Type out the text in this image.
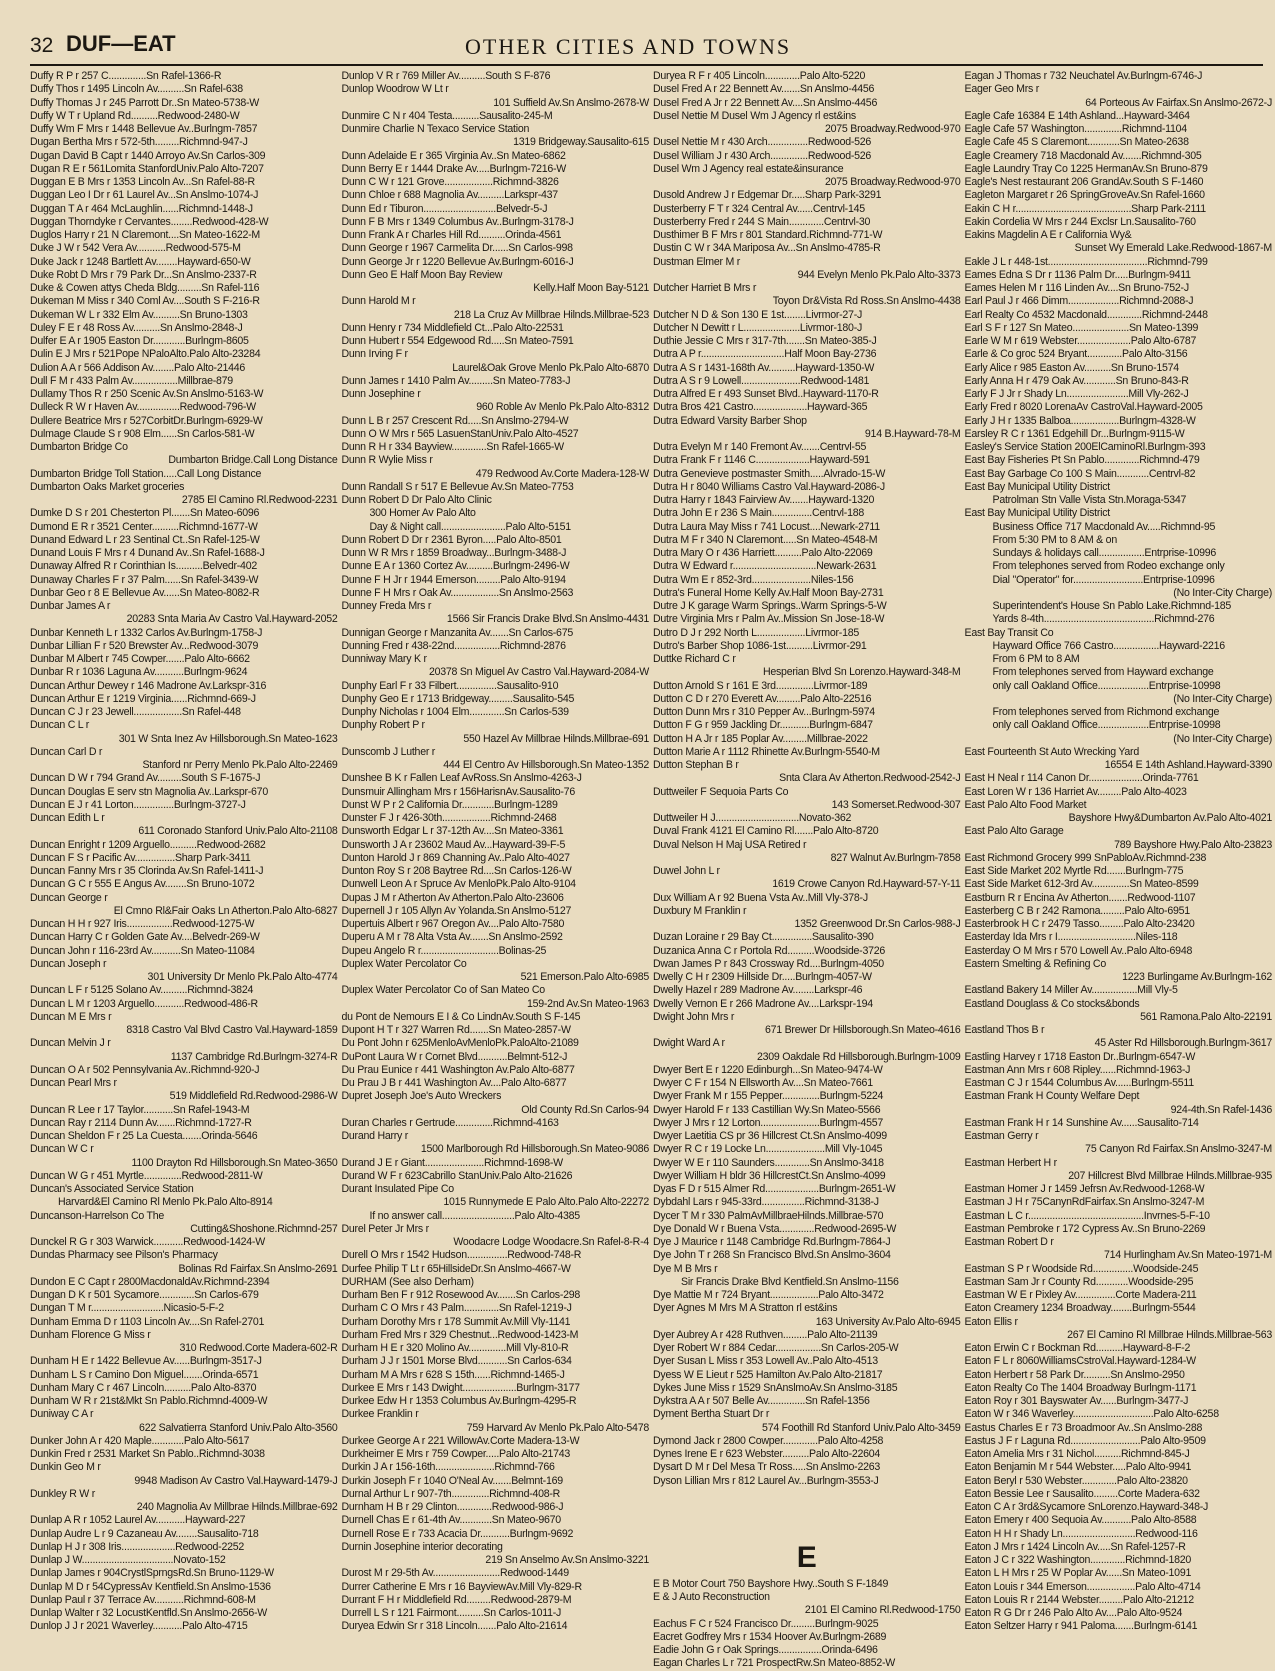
32 DUF—EAT	OTHER CITIES AND TOWNS
Duffy R P r 257 C..............Sn Rafel-1366-R
Duffy Thos r 1495 Lincoln Av..........Sn Rafel-638
Duffy Thomas J r 245 Parrott Dr..Sn Mateo-5738-W
Duffy W T r Upland Rd..........Redwood-2480-W
Duffy Wm F Mrs r 1448 Bellevue Av..Burlngm-7857
Dugan Bertha Mrs r 572-5th.........Richmnd-947-J
Dugan David B Capt r 1440 Arroyo Av.Sn Carlos-309
Dugan R E r 561Lomita StanfordUniv.Palo Alto-7207
Duggan E B Mrs r 1353 Lincoln Av...Sn Rafel-88-R
Duggan Leo I Dr r 61 Laurel Av...Sn Anslmo-1074-J
Duggan T A r 464 McLaughlin......Richmnd-1448-J
Duggan Thorndyke r Cervantes........Redwood-428-W
Duglos Harry r 21 N Claremont....Sn Mateo-1622-M
Duke J W r 542 Vera Av...........Redwood-575-M
Duke Jack r 1248 Bartlett Av........Hayward-650-W
Duke Robt D Mrs r 79 Park Dr...Sn Anslmo-2337-R
Duke & Cowen attys Cheda Bldg.........Sn Rafel-116
Dukeman M Miss r 340 Coml Av....South S F-216-R
Dukeman W L r 332 Elm Av..........Sn Bruno-1303
Duley F E r 48 Ross Av..........Sn Anslmo-2848-J
Dulfer E A r 1905 Easton Dr............Burlngm-8605
Dulin E J Mrs r 521Pope NPaloAlto.Palo Alto-23284
Dulion A A r 566 Addison Av........Palo Alto-21446
Dull F M r 433 Palm Av.................Millbrae-879
Dullamy Thos R r 250 Scenic Av.Sn Anslmo-5163-W
Dulleck R W r Haven Av................Redwood-796-W
Dullere Beatrice Mrs r 527CorbitDr.Burlngm-6929-W
Dulmage Claude S r 908 Elm......Sn Carlos-581-W
Dumbarton Bridge Co
Dumbarton Bridge.Call Long Distance
Dumbarton Bridge Toll Station.....Call Long Distance
Dumbarton Oaks Market groceries
2785 El Camino Rl.Redwood-2231
Dumke D S r 201 Chesterton Pl.......Sn Mateo-6096
Dumond E R r 3521 Center..........Richmnd-1677-W
Dunand Edward L r 23 Sentinal Ct..Sn Rafel-125-W
Dunand Louis F Mrs r 4 Dunand Av..Sn Rafel-1688-J
Dunaway Alfred R r Corinthian Is..........Belvedr-402
Dunaway Charles F r 37 Palm......Sn Rafel-3439-W
Dunbar Geo r 8 E Bellevue Av......Sn Mateo-8082-R
Dunbar James A r
20283 Snta Maria Av Castro Val.Hayward-2052
Dunbar Kenneth L r 1332 Carlos Av.Burlngm-1758-J
Dunbar Lillian F r 520 Brewster Av...Redwood-3079
Dunbar M Albert r 745 Cowper.......Palo Alto-6662
Dunbar R r 1036 Laguna Av...........Burlngm-9624
Duncan Arthur Dewey r 146 Madrone Av.Larkspr-316
Duncan Arthur E r 1219 Virginia......Richmnd-669-J
Duncan C J r 23 Jewell..................Sn Rafel-448
Duncan C L r
301 W Snta Inez Av Hillsborough.Sn Mateo-1623
Duncan Carl D r
Stanford nr Perry Menlo Pk.Palo Alto-22469
Duncan D W r 794 Grand Av.........South S F-1675-J
Duncan Douglas E serv stn Magnolia Av..Larkspr-670
Duncan E J r 41 Lorton...............Burlngm-3727-J
Duncan Edith L r
611 Coronado Stanford Univ.Palo Alto-21108
Duncan Enright r 1209 Arguello..........Redwood-2682
Duncan F S r Pacific Av...............Sharp Park-3411
Duncan Fanny Mrs r 35 Clorinda Av.Sn Rafel-1411-J
Duncan G C r 555 E Angus Av........Sn Bruno-1072
Duncan George r
El Cmno Rl&Fair Oaks Ln Atherton.Palo Alto-6827
Duncan H H r 927 Iris.................Redwood-1275-W
Duncan Harry C r Golden Gate Av....Belvedr-269-W
Duncan John r 116-23rd Av...........Sn Mateo-11084
Duncan Joseph r
301 University Dr Menlo Pk.Palo Alto-4774
Duncan L F r 5125 Solano Av..........Richmnd-3824
Duncan L M r 1203 Arguello...........Redwood-486-R
Duncan M E Mrs r
8318 Castro Val Blvd Castro Val.Hayward-1859
Duncan Melvin J r
1137 Cambridge Rd.Burlngm-3274-R
Duncan O A r 502 Pennsylvania Av..Richmnd-920-J
Duncan Pearl Mrs r
519 Middlefield Rd.Redwood-2986-W
Duncan R Lee r 17 Taylor...........Sn Rafel-1943-M
Duncan Ray r 2114 Dunn Av.......Richmnd-1727-R
Duncan Sheldon F r 25 La Cuesta.......Orinda-5646
Duncan W C r
1100 Drayton Rd Hillsborough.Sn Mateo-3650
Duncan W G r 451 Myrtle..............Redwood-2811-W
Duncan's Associated Service Station
Harvard&El Camino Rl Menlo Pk.Palo Alto-8914
Duncanson-Harrelson Co The
Cutting&Shoshone.Richmnd-257
Dunckel R G r 303 Warwick...........Redwood-1424-W
Dundas Pharmacy see Pilson's Pharmacy
Bolinas Rd Fairfax.Sn Anslmo-2691
Dundon E C Capt r 2800MacdonaldAv.Richmnd-2394
Dungan D K r 501 Sycamore.............Sn Carlos-679
Dungan T M r...........................Nicasio-5-F-2
Dunham Emma D r 1103 Lincoln Av....Sn Rafel-2701
Dunham Florence G Miss r
310 Redwood.Corte Madera-602-R
Dunham H E r 1422 Bellevue Av......Burlngm-3517-J
Dunham L S r Camino Don Miguel.......Orinda-6571
Dunham Mary C r 467 Lincoln..........Palo Alto-8370
Dunham W R r 21st&Mkt Sn Pablo.Richmnd-4009-W
Duniway C A r
622 Salvatierra Stanford Univ.Palo Alto-3560
Dunker John A r 420 Maple............Palo Alto-5617
Dunkin Fred r 2531 Market Sn Pablo..Richmnd-3038
Dunkin Geo M r
9948 Madison Av Castro Val.Hayward-1479-J
Dunkley R W r
240 Magnolia Av Millbrae Hilnds.Millbrae-692
Dunlap A R r 1052 Laurel Av...........Hayward-227
Dunlap Audre L r 9 Cazaneau Av........Sausalito-718
Dunlap H J r 308 Iris....................Redwood-2252
Dunlap J W..................................Novato-152
Dunlap James r 904CrystlSprngsRd.Sn Bruno-1129-W
Dunlap M D r 54CypressAv Kentfield.Sn Anslmo-1536
Dunlap Paul r 37 Terrace Av...........Richmnd-608-M
Dunlap Walter r 32 LocustKentfld.Sn Anslmo-2656-W
Dunlop J J r 2021 Waverley...........Palo Alto-4715
Dunlop V R r 769 Miller Av..........South S F-876
Dunlop Woodrow W Lt r
101 Suffield Av.Sn Anslmo-2678-W
Dunmire C N r 404 Testa..........Sausalito-245-M
Dunmire Charlie N Texaco Service Station
1319 Bridgeway.Sausalito-615
Dunn Adelaide E r 365 Virginia Av..Sn Mateo-6862
Dunn Berry E r 1444 Drake Av.....Burlngm-7216-W
Dunn C W r 121 Grove..................Richmnd-3826
Dunn Chloe r 688 Magnolia Av..........Larkspr-437
Dunn Ed r Tiburon...........................Belvedr-5-J
Dunn F B Mrs r 1349 Columbus Av..Burlngm-3178-J
Dunn Frank A r Charles Hill Rd..........Orinda-4561
Dunn George r 1967 Carmelita Dr......Sn Carlos-998
Dunn George Jr r 1220 Bellevue Av.Burlngm-6016-J
Dunn Geo E Half Moon Bay Review
Kelly.Half Moon Bay-5121
Dunn Harold M r
218 La Cruz Av Millbrae Hilnds.Millbrae-523
Dunn Henry r 734 Middlefield Ct...Palo Alto-22531
Dunn Hubert r 554 Edgewood Rd.....Sn Mateo-7591
Dunn Irving F r
Laurel&Oak Grove Menlo Pk.Palo Alto-6870
Dunn James r 1410 Palm Av.........Sn Mateo-7783-J
Dunn Josephine r
960 Roble Av Menlo Pk.Palo Alto-8312
Dunn L B r 257 Crescent Rd.....Sn Anslmo-2794-W
Dunn O W Mrs r 565 LasuenStanUniv.Palo Alto-4527
Dunn R H r 334 Bayview.............Sn Rafel-1665-W
Dunn R Wylie Miss r
479 Redwood Av.Corte Madera-128-W
Dunn Randall S r 517 E Bellevue Av.Sn Mateo-7753
Dunn Robert D Dr Palo Alto Clinic
300 Homer Av Palo Alto
Day & Night call........................Palo Alto-5151
Dunn Robert D Dr r 2361 Byron.....Palo Alto-8501
Dunn W R Mrs r 1859 Broadway...Burlngm-3488-J
Dunne E A r 1360 Cortez Av..........Burlngm-2496-W
Dunne F H Jr r 1944 Emerson.........Palo Alto-9194
Dunne F H Mrs r Oak Av..................Sn Anslmo-2563
Dunney Freda Mrs r
1566 Sir Francis Drake Blvd.Sn Anslmo-4431
Dunnigan George r Manzanita Av.......Sn Carlos-675
Dunning Fred r 438-22nd.................Richmnd-2876
Dunniway Mary K r
20378 Sn Miguel Av Castro Val.Hayward-2084-W
Dunphy Earl F r 33 Filbert...............Sausalito-910
Dunphy Geo E r 1713 Bridgeway.........Sausalito-545
Dunphy Nicholas r 1004 Elm.............Sn Carlos-539
Dunphy Robert P r
550 Hazel Av Millbrae Hilnds.Millbrae-691
Dunscomb J Luther r
444 El Centro Av Hillsborough.Sn Mateo-1352
Dunshee B K r Fallen Leaf AvRoss.Sn Anslmo-4263-J
Dunsmuir Allingham Mrs r 156HarisnAv.Sausalito-76
Dunst W P r 2 California Dr............Burlngm-1289
Dunster F J r 426-30th..................Richmnd-2468
Dunsworth Edgar L r 37-12th Av....Sn Mateo-3361
Dunsworth J A r 23602 Maud Av...Hayward-39-F-5
Dunton Harold J r 869 Channing Av..Palo Alto-4027
Dunton Roy S r 208 Baytree Rd....Sn Carlos-126-W
Dunwell Leon A r Spruce Av MenloPk.Palo Alto-9104
Dupas J M r Atherton Av Atherton.Palo Alto-23606
Dupernell J r 105 Allyn Av Yolanda.Sn Anslmo-5127
Dupertuis Albert r 967 Oregon Av....Palo Alto-7580
Duperu A M r 78 Alta Vsta Av.......Sn Anslmo-2592
Dupeu Angelo R r.............................Bolinas-25
Duplex Water Percolator Co
521 Emerson.Palo Alto-6985
Duplex Water Percolator Co of San Mateo Co
159-2nd Av.Sn Mateo-1963
du Pont de Nemours E I & Co LindnAv.South S F-145
Dupont H T r 327 Warren Rd.......Sn Mateo-2857-W
Du Pont John r 625MenloAvMenloPk.PaloAlto-21089
DuPont Laura W r Cornet Blvd...........Belmnt-512-J
Du Prau Eunice r 441 Washington Av.Palo Alto-6877
Du Prau J B r 441 Washington Av....Palo Alto-6877
Dupret Joseph Joe's Auto Wreckers
Old County Rd.Sn Carlos-94
Duran Charles r Gertrude..............Richmnd-4163
Durand Harry r
1500 Marlborough Rd Hillsborough.Sn Mateo-9086
Durand J E r Giant......................Richmnd-1698-W
Durand W F r 623Cabrillo StanUniv.Palo Alto-21626
Durant Insulated Pipe Co
1015 Runnymede E Palo Alto.Palo Alto-22272
If no answer call...........................Palo Alto-4385
Durel Peter Jr Mrs r
Woodacre Lodge Woodacre.Sn Rafel-8-R-4
Durell O Mrs r 1542 Hudson...............Redwood-748-R
Durfee Philip T Lt r 65HillsideDr.Sn Anslmo-4667-W
DURHAM (See also Derham)
Durham Ben F r 912 Rosewood Av.......Sn Carlos-298
Durham C O Mrs r 43 Palm.............Sn Rafel-1219-J
Durham Dorothy Mrs r 178 Summit Av.Mill Vly-1141
Durham Fred Mrs r 329 Chestnut...Redwood-1423-M
Durham H E r 320 Molino Av..............Mill Vly-810-R
Durham J J r 1501 Morse Blvd...........Sn Carlos-634
Durham M A Mrs r 628 S 15th......Richmnd-1465-J
Durkee E Mrs r 143 Dwight....................Burlngm-3177
Durkee Edw H r 1353 Columbus Av.Burlngm-4295-R
Durkee Franklin r
759 Harvard Av Menlo Pk.Palo Alto-5478
Durkee George A r 221 WillowAv.Corte Madera-13-W
Durkheimer E Mrs r 759 Cowper.....Palo Alto-21743
Durkin J A r 156-16th......................Richmnd-766
Durkin Joseph F r 1040 O'Neal Av.......Belmnt-169
Durnal Arthur L r 907-7th..............Richmnd-408-R
Durnham H B r 29 Clinton.............Redwood-986-J
Durnell Chas E r 61-4th Av............Sn Mateo-9670
Durnell Rose E r 733 Acacia Dr...........Burlngm-9692
Durnin Josephine interior decorating
219 Sn Anselmo Av.Sn Anslmo-3221
Durost M r 29-5th Av.........................Redwood-1449
Durrer Catherine E Mrs r 16 BayviewAv.Mill Vly-829-R
Durrant F H r Middlefield Rd.........Redwood-2879-M
Durrell L S r 121 Fairmont..........Sn Carlos-1011-J
Duryea Edwin Sr r 318 Lincoln.......Palo Alto-21614
Duryea R F r 405 Lincoln.............Palo Alto-5220
Dusel Fred A r 22 Bennett Av.......Sn Anslmo-4456
Dusel Fred A Jr r 22 Bennett Av....Sn Anslmo-4456
Dusel Nettie M Dusel Wm J Agency rl est&ins
2075 Broadway.Redwood-970
Dusel Nettie M r 430 Arch...............Redwood-526
Dusel William J r 430 Arch..............Redwood-526
Dusel Wm J Agency real estate&insurance
2075 Broadway.Redwood-970
Dusold Andrew J r Edgemar Dr.....Sharp Park-3291
Dusterberry F T r 324 Central Av......Centrvl-145
Dusterberry Fred r 244 S Main.............Centrvl-30
Dusthimer B F Mrs r 801 Standard.Richmnd-771-W
Dustin C W r 34A Mariposa Av...Sn Anslmo-4785-R
Dustman Elmer M r
944 Evelyn Menlo Pk.Palo Alto-3373
Dutcher Harriet B Mrs r
Toyon Dr&Vista Rd Ross.Sn Anslmo-4438
Dutcher N D & Son 130 E 1st........Livrmor-27-J
Dutcher N Dewitt r L.....................Livrmor-180-J
Duthie Jessie C Mrs r 317-7th.......Sn Mateo-385-J
Dutra A P r...............................Half Moon Bay-2736
Dutra A S r 1431-168th Av..........Hayward-1350-W
Dutra A S r 9 Lowell......................Redwood-1481
Dutra Alfred E r 493 Sunset Blvd..Hayward-1170-R
Dutra Bros 421 Castro....................Hayward-365
Dutra Edward Varsity Barber Shop
914 B.Hayward-78-M
Dutra Evelyn M r 140 Fremont Av.......Centrvl-55
Dutra Frank F r 1146 C....................Hayward-591
Dutra Genevieve postmaster Smith.....Alvrado-15-W
Dutra H r 8040 Williams Castro Val.Hayward-2086-J
Dutra Harry r 1843 Fairview Av.......Hayward-1320
Dutra John E r 236 S Main...............Centrvl-188
Dutra Laura May Miss r 741 Locust....Newark-2711
Dutra M F r 340 N Claremont.....Sn Mateo-4548-M
Dutra Mary O r 436 Harriett..........Palo Alto-22069
Dutra W Edward r...............................Newark-2631
Dutra Wm E r 852-3rd......................Niles-156
Dutra's Funeral Home Kelly Av.Half Moon Bay-2731
Dutre J K garage Warm Springs..Warm Springs-5-W
Dutre Virginia Mrs r Palm Av..Mission Sn Jose-18-W
Dutro D J r 292 North L..................Livrmor-185
Dutro's Barber Shop 1086-1st..........Livrmor-291
Duttke Richard C r
Hesperian Blvd Sn Lorenzo.Hayward-348-M
Dutton Arnold S r 161 E 3rd..............Livrmor-189
Dutton C D r 270 Everett Av.........Palo Alto-22516
Dutton Dunn Mrs r 310 Pepper Av...Burlngm-5974
Dutton F G r 959 Jackling Dr...........Burlngm-6847
Dutton H A Jr r 185 Poplar Av.........Millbrae-2022
Dutton Marie A r 1112 Rhinette Av.Burlngm-5540-M
Dutton Stephan B r
Snta Clara Av Atherton.Redwood-2542-J
Duttweiler F Sequoia Parts Co
143 Somerset.Redwood-307
Duttweiler H J...............................Novato-362
Duval Frank 4121 El Camino Rl.......Palo Alto-8720
Duval Nelson H Maj USA Retired r
827 Walnut Av.Burlngm-7858
Duwel John L r
1619 Crowe Canyon Rd.Hayward-57-Y-11
Dux William A r 92 Buena Vsta Av..Mill Vly-378-J
Duxbury M Franklin r
1352 Greenwood Dr.Sn Carlos-988-J
Duzan Loraine r 29 Bay Ct...............Sausalito-390
Duzanica Anna C r Portola Rd..........Woodside-3726
Dwan James P r 843 Crossway Rd....Burlngm-4050
Dwelly C H r 2309 Hillside Dr.....Burlngm-4057-W
Dwelly Hazel r 289 Madrone Av........Larkspr-46
Dwelly Vernon E r 266 Madrone Av....Larkspr-194
Dwight John Mrs r
671 Brewer Dr Hillsborough.Sn Mateo-4616
Dwight Ward A r
2309 Oakdale Rd Hillsborough.Burlngm-1009
Dwyer Bert E r 1220 Edinburgh...Sn Mateo-9474-W
Dwyer C F r 154 N Ellsworth Av....Sn Mateo-7661
Dwyer Frank M r 155 Pepper..............Burlngm-5224
Dwyer Harold F r 133 Castillian Wy.Sn Mateo-5566
Dwyer J Mrs r 12 Lorton......................Burlngm-4557
Dwyer Laetitia CS pr 36 Hillcrest Ct.Sn Anslmo-4099
Dwyer R C r 19 Locke Ln......................Mill Vly-1045
Dwyer W E r 110 Saunders.............Sn Anslmo-3418
Dwyer William H bldr 36 HillcrestCt.Sn Anslmo-4099
Dyas F D r 515 Almer Rd....................Burlngm-2651-W
Dybdahl Lars r 945-33rd................Richmnd-3138-J
Dycer T M r 330 PalmAvMillbraeHilnds.Millbrae-570
Dye Donald W r Buena Vsta.............Redwood-2695-W
Dye J Maurice r 1148 Cambridge Rd.Burlngm-7864-J
Dye John T r 268 Sn Francisco Blvd.Sn Anslmo-3604
Dye M B Mrs r
Sir Francis Drake Blvd Kentfield.Sn Anslmo-1156
Dye Mattie M r 724 Bryant..................Palo Alto-3472
Dyer Agnes M Mrs M A Stratton rl est&ins
163 University Av.Palo Alto-6945
Dyer Aubrey A r 428 Ruthven.........Palo Alto-21139
Dyer Robert W r 884 Cedar.................Sn Carlos-205-W
Dyer Susan L Miss r 353 Lowell Av..Palo Alto-4513
Dyess W E Lieut r 525 Hamilton Av.Palo Alto-21817
Dykes June Miss r 1529 SnAnslmoAv.Sn Anslmo-3185
Dykstra A A r 507 Belle Av..............Sn Rafel-1356
Dyment Bertha Stuart Dr r
574 Foothill Rd Stanford Univ.Palo Alto-3459
Dymond Jack r 2800 Cowper.............Palo Alto-4258
Dynes Irene E r 623 Webster..........Palo Alto-22604
Dysart D M r Del Mesa Tr Ross.....Sn Anslmo-2263
Dyson Lillian Mrs r 812 Laurel Av...Burlngm-3553-J
E
E B Motor Court 750 Bayshore Hwy..South S F-1849
E & J Auto Reconstruction
2101 El Camino Rl.Redwood-1750
Eachus F C r 524 Francisco Dr.........Burlngm-9025
Eacret Godfrey Mrs r 1534 Hoover Av.Burlngm-2689
Eadie John G r Oak Springs................Orinda-6496
Eagan Charles L r 721 ProspectRw.Sn Mateo-8852-W
Eagan J Thomas r 732 Neuchatel Av.Burlngm-6746-J
Eager Geo Mrs r
64 Porteous Av Fairfax.Sn Anslmo-2672-J
Eagle Cafe 16384 E 14th Ashland...Hayward-3464
Eagle Cafe 57 Washington..............Richmnd-1104
Eagle Cafe 45 S Claremont............Sn Mateo-2638
Eagle Creamery 718 Macdonald Av.......Richmnd-305
Eagle Laundry Tray Co 1225 HermanAv.Sn Bruno-879
Eagle's Nest restaurant 206 GrandAv.South S F-1460
Eagleton Margaret r 26 SpringGroveAv.Sn Rafel-1660
Eakin C H r...........................................Sharp Park-2111
Eakin Cordelia W Mrs r 244 Exclsr Ln.Sausalito-760
Eakins Magdelin A E r California Wy&
Sunset Wy Emerald Lake.Redwood-1867-M
Eakle J L r 448-1st.....................................Richmnd-799
Eames Edna S Dr r 1136 Palm Dr.....Burlngm-9411
Eames Helen M r 116 Linden Av....Sn Bruno-752-J
Earl Paul J r 466 Dimm...................Richmnd-2088-J
Earl Realty Co 4532 Macdonald.............Richmnd-2448
Earl S F r 127 Sn Mateo.....................Sn Mateo-1399
Earle W M r 619 Webster....................Palo Alto-6787
Earle & Co groc 524 Bryant.............Palo Alto-3156
Early Alice r 985 Easton Av..........Sn Bruno-1574
Early Anna H r 479 Oak Av............Sn Bruno-843-R
Early F J Jr r Shady Ln.......................Mill Vly-262-J
Early Fred r 8020 LorenaAv CastroVal.Hayward-2005
Early J H r 1335 Balboa..................Burlngm-4328-W
Earsley R C r 1361 Edgehill Dr...Burlngm-9115-W
Easley's Service Station 200ElCaminoRl.Burlngm-393
East Bay Fisheries Pt Sn Pablo.............Richmnd-479
East Bay Garbage Co 100 S Main............Centrvl-82
East Bay Municipal Utility District
Patrolman Stn Valle Vista Stn.Moraga-5347
East Bay Municipal Utility District
Business Office 717 Macdonald Av.....Richmnd-95
From 5:30 PM to 8 AM & on
Sundays & holidays call.................Entrprise-10996
From telephones served from Rodeo exchange only
Dial "Operator" for..........................Entrprise-10996
(No Inter-City Charge)
Superintendent's House Sn Pablo Lake.Richmnd-185
Yards 8-4th.........................................Richmnd-276
East Bay Transit Co
Hayward Office 766 Castro.................Hayward-2216
From 6 PM to 8 AM
From telephones served from Hayward exchange
only call Oakland Office...................Entrprise-10998
(No Inter-City Charge)
From telephones served from Richmond exchange
only call Oakland Office...................Entrprise-10998
(No Inter-City Charge)
East Fourteenth St Auto Wrecking Yard
16554 E 14th Ashland.Hayward-3390
East H Neal r 114 Canon Dr....................Orinda-7761
East Loren W r 136 Harriet Av.........Palo Alto-4023
East Palo Alto Food Market
Bayshore Hwy&Dumbarton Av.Palo Alto-4021
East Palo Alto Garage
789 Bayshore Hwy.Palo Alto-23823
East Richmond Grocery 999 SnPabloAv.Richmnd-238
East Side Market 202 Myrtle Rd.......Burlngm-775
East Side Market 612-3rd Av..............Sn Mateo-8599
Eastburn R r Encina Av Atherton.......Redwood-1107
Easterberg C B r 242 Ramona.........Palo Alto-6951
Easterbrook H C r 2479 Tasso.........Palo Alto-23420
Easterday Ida Mrs r I.............................Niles-118
Easterday O M Mrs r 570 Lowell Av..Palo Alto-6948
Eastern Smelting & Refining Co
1223 Burlingame Av.Burlngm-162
Eastland Bakery 14 Miller Av.................Mill Vly-5
Eastland Douglass & Co stocks&bonds
561 Ramona.Palo Alto-22191
Eastland Thos B r
45 Aster Rd Hillsborough.Burlngm-3617
Eastling Harvey r 1718 Easton Dr..Burlngm-6547-W
Eastman Ann Mrs r 608 Ripley......Richmnd-1963-J
Eastman C J r 1544 Columbus Av......Burlngm-5511
Eastman Frank H County Welfare Dept
924-4th.Sn Rafel-1436
Eastman Frank H r 14 Sunshine Av......Sausalito-714
Eastman Gerry r
75 Canyon Rd Fairfax.Sn Anslmo-3247-M
Eastman Herbert H r
207 Hillcrest Blvd Millbrae Hilnds.Millbrae-935
Eastman Homer J r 1459 Jefrsn Av.Redwood-1268-W
Eastman J H r 75CanynRdFairfax.Sn Anslmo-3247-M
Eastman L C r...........................................Invrnes-5-F-10
Eastman Pembroke r 172 Cypress Av..Sn Bruno-2269
Eastman Robert D r
714 Hurlingham Av.Sn Mateo-1971-M
Eastman S P r Woodside Rd...............Woodside-245
Eastman Sam Jr r County Rd............Woodside-295
Eastman W E r Pixley Av...............Corte Madera-211
Eaton Creamery 1234 Broadway........Burlngm-5544
Eaton Ellis r
267 El Camino Rl Millbrae Hilnds.Millbrae-563
Eaton Erwin C r Bockman Rd..........Hayward-8-F-2
Eaton F L r 8060WilliamsCstroVal.Hayward-1284-W
Eaton Herbert r 58 Park Dr..........Sn Anslmo-2950
Eaton Realty Co The 1404 Broadway Burlngm-1171
Eaton Roy r 301 Bayswater Av......Burlngm-3477-J
Eaton W r 346 Waverley..............................Palo Alto-6258
Eastus Charles E r 73 Broadmoor Av..Sn Anslmo-288
Eastus J F r Laguna Rd..........................Palo Alto-9509
Eaton Amelia Mrs r 31 Nichol..........Richmnd-845-J
Eaton Benjamin M r 544 Webster.....Palo Alto-9941
Eaton Beryl r 530 Webster.............Palo Alto-23820
Eaton Bessie Lee r Sausalito.........Corte Madera-632
Eaton C A r 3rd&Sycamore SnLorenzo.Hayward-348-J
Eaton Emery r 400 Sequoia Av...........Palo Alto-8588
Eaton H H r Shady Ln...........................Redwood-116
Eaton J Mrs r 1424 Lincoln Av.....Sn Rafel-1257-R
Eaton J C r 322 Washington.............Richmnd-1820
Eaton L H Mrs r 25 W Poplar Av......Sn Mateo-1091
Eaton Louis r 344 Emerson..................Palo Alto-4714
Eaton Louis R r 2144 Webster.........Palo Alto-21212
Eaton R G Dr r 246 Palo Alto Av....Palo Alto-9524
Eaton Seltzer Harry r 941 Paloma.......Burlngm-6141
